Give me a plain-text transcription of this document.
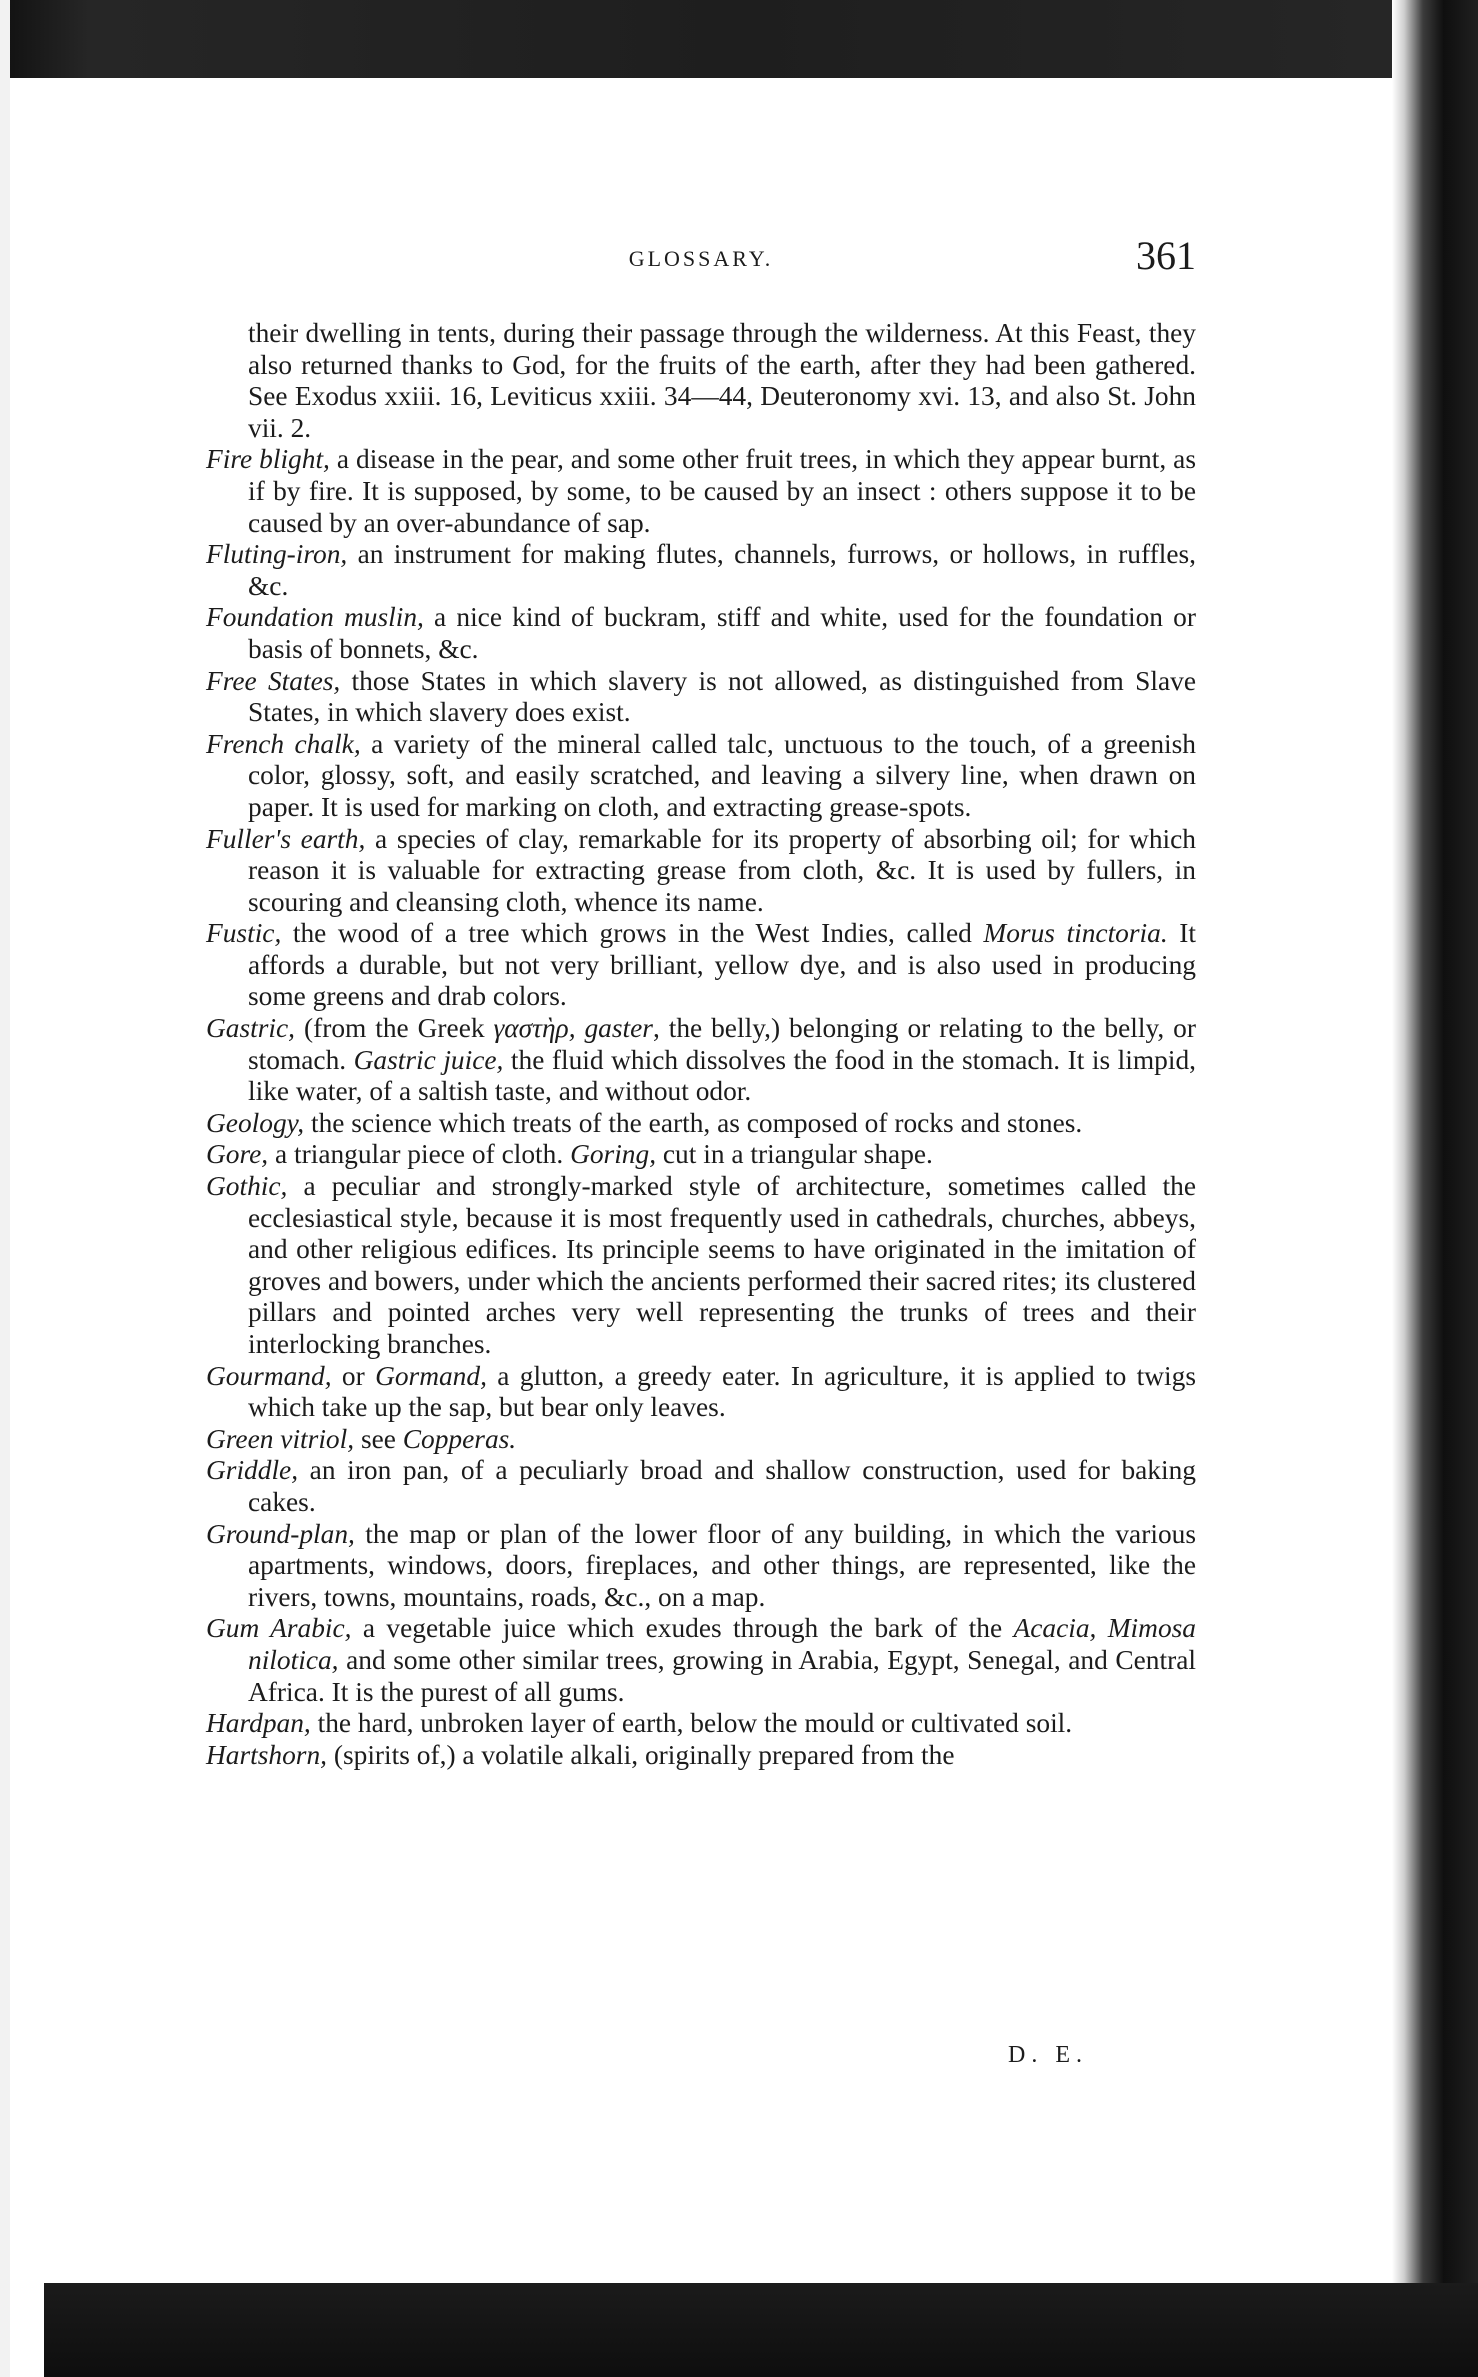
GLOSSARY.	361

their dwelling in tents, during their passage through the wilderness. At this Feast, they also returned thanks to God, for the fruits of the earth, after they had been gathered. See Exodus xxiii. 16, Leviticus xxiii. 34—44, Deuteronomy xvi. 13, and also St. John vii. 2.

Fire blight, a disease in the pear, and some other fruit trees, in which they appear burnt, as if by fire. It is supposed, by some, to be caused by an insect : others suppose it to be caused by an over-abundance of sap.

Fluting-iron, an instrument for making flutes, channels, furrows, or hollows, in ruffles, &c.

Foundation muslin, a nice kind of buckram, stiff and white, used for the foundation or basis of bonnets, &c.

Free States, those States in which slavery is not allowed, as distinguished from Slave States, in which slavery does exist.

French chalk, a variety of the mineral called talc, unctuous to the touch, of a greenish color, glossy, soft, and easily scratched, and leaving a silvery line, when drawn on paper. It is used for marking on cloth, and extracting grease-spots.

Fuller's earth, a species of clay, remarkable for its property of absorbing oil; for which reason it is valuable for extracting grease from cloth, &c. It is used by fullers, in scouring and cleansing cloth, whence its name.

Fustic, the wood of a tree which grows in the West Indies, called Morus tinctoria. It affords a durable, but not very brilliant, yellow dye, and is also used in producing some greens and drab colors.

Gastric, (from the Greek γαστὴρ, gaster, the belly,) belonging or relating to the belly, or stomach. Gastric juice, the fluid which dissolves the food in the stomach. It is limpid, like water, of a saltish taste, and without odor.

Geology, the science which treats of the earth, as composed of rocks and stones.

Gore, a triangular piece of cloth. Goring, cut in a triangular shape.

Gothic, a peculiar and strongly-marked style of architecture, sometimes called the ecclesiastical style, because it is most frequently used in cathedrals, churches, abbeys, and other religious edifices. Its principle seems to have originated in the imitation of groves and bowers, under which the ancients performed their sacred rites; its clustered pillars and pointed arches very well representing the trunks of trees and their interlocking branches.

Gourmand, or Gormand, a glutton, a greedy eater. In agriculture, it is applied to twigs which take up the sap, but bear only leaves.

Green vitriol, see Copperas.

Griddle, an iron pan, of a peculiarly broad and shallow construction, used for baking cakes.

Ground-plan, the map or plan of the lower floor of any building, in which the various apartments, windows, doors, fireplaces, and other things, are represented, like the rivers, towns, mountains, roads, &c., on a map.

Gum Arabic, a vegetable juice which exudes through the bark of the Acacia, Mimosa nilotica, and some other similar trees, growing in Arabia, Egypt, Senegal, and Central Africa. It is the purest of all gums.

Hardpan, the hard, unbroken layer of earth, below the mould or cultivated soil.

Hartshorn, (spirits of,) a volatile alkali, originally prepared from the

D. E.
